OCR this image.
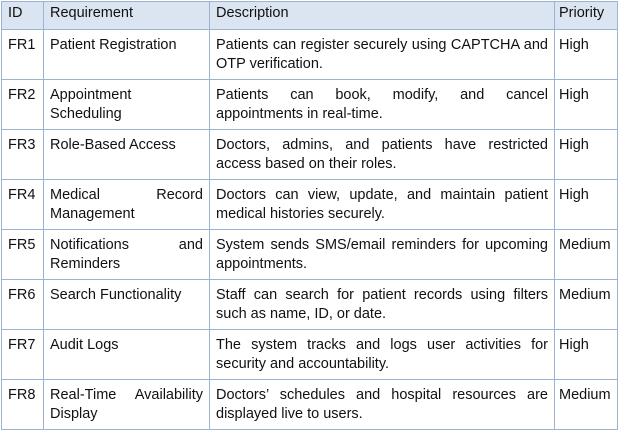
ID	Requirement	Description	Priority
FR1	Patient Registration	Patients can register securely using CAPTCHA and OTP verification.	High
FR2	Appointment Scheduling	Patients can book, modify, and cancel appointments in real-time.	High
FR3	Role-Based Access	Doctors, admins, and patients have restricted access based on their roles.	High
FR4	Medical Record Management	Doctors can view, update, and maintain patient medical histories securely.	High
FR5	Notifications and Reminders	System sends SMS/email reminders for upcoming appointments.	Medium
FR6	Search Functionality	Staff can search for patient records using filters such as name, ID, or date.	Medium
FR7	Audit Logs	The system tracks and logs user activities for security and accountability.	High
FR8	Real-Time Availability Display	Doctors’ schedules and hospital resources are displayed live to users.	Medium
